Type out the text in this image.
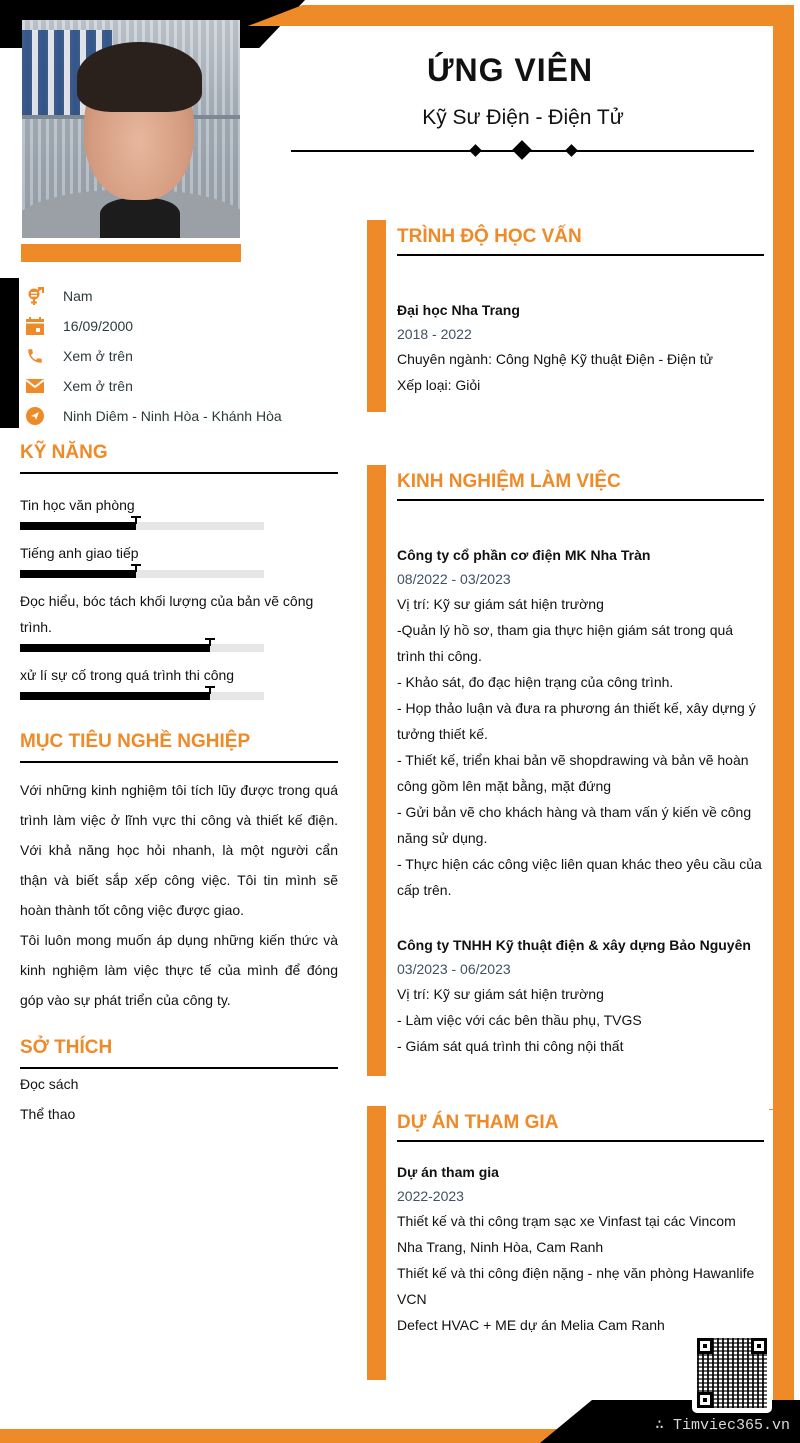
ỨNG VIÊN
Kỹ Sư Điện - Điện Tử
Nam
16/09/2000
Xem ở trên
Xem ở trên
Ninh Diêm - Ninh Hòa - Khánh Hòa
KỸ NĂNG
Tin học văn phòng
Tiếng anh giao tiếp
Đọc hiểu, bóc tách khối lượng của bản vẽ công trình.
xử lí sự cố trong quá trình thi công
MỤC TIÊU NGHỀ NGHIỆP
Với những kinh nghiệm tôi tích lũy được trong quá trình làm việc ở lĩnh vực thi công và thiết kế điện. Với khả năng học hỏi nhanh, là một người cẩn thận và biết sắp xếp công việc. Tôi tin mình sẽ hoàn thành tốt công việc được giao.
Tôi luôn mong muốn áp dụng những kiến thức và kinh nghiệm làm việc thực tế của mình để đóng góp vào sự phát triển của công ty.
SỞ THÍCH
Đọc sách
Thể thao
TRÌNH ĐỘ HỌC VẤN
Đại học Nha Trang
2018 - 2022
Chuyên ngành: Công Nghệ Kỹ thuật Điện - Điện tử
Xếp loại: Giỏi
KINH NGHIỆM LÀM VIỆC
Công ty cổ phần cơ điện MK Nha Tràn
08/2022 - 03/2023
Vị trí: Kỹ sư giám sát hiện trường
-Quản lý hồ sơ, tham gia thực hiện giám sát trong quá trình thi công.
- Khảo sát, đo đạc hiện trạng của công trình.
- Họp thảo luận và đưa ra phương án thiết kế, xây dựng ý tưởng thiết kế.
- Thiết kế, triển khai bản vẽ shopdrawing và bản vẽ hoàn công gồm lên mặt bằng, mặt đứng
- Gửi bản vẽ cho khách hàng và tham vấn ý kiến về công năng sử dụng.
- Thực hiện các công việc liên quan khác theo yêu cầu của cấp trên.
Công ty TNHH Kỹ thuật điện & xây dựng Bảo Nguyên
03/2023 - 06/2023
Vị trí: Kỹ sư giám sát hiện trường
- Làm việc với các bên thầu phụ, TVGS
- Giám sát quá trình thi công nội thất
DỰ ÁN THAM GIA
Dự án tham gia
2022-2023
Thiết kế và thi công trạm sạc xe Vinfast tại các Vincom Nha Trang, Ninh Hòa, Cam Ranh
Thiết kế và thi công điện nặng - nhẹ văn phòng Hawanlife VCN
Defect HVAC + ME dự án Melia Cam Ranh
∴ Timviec365.vn
